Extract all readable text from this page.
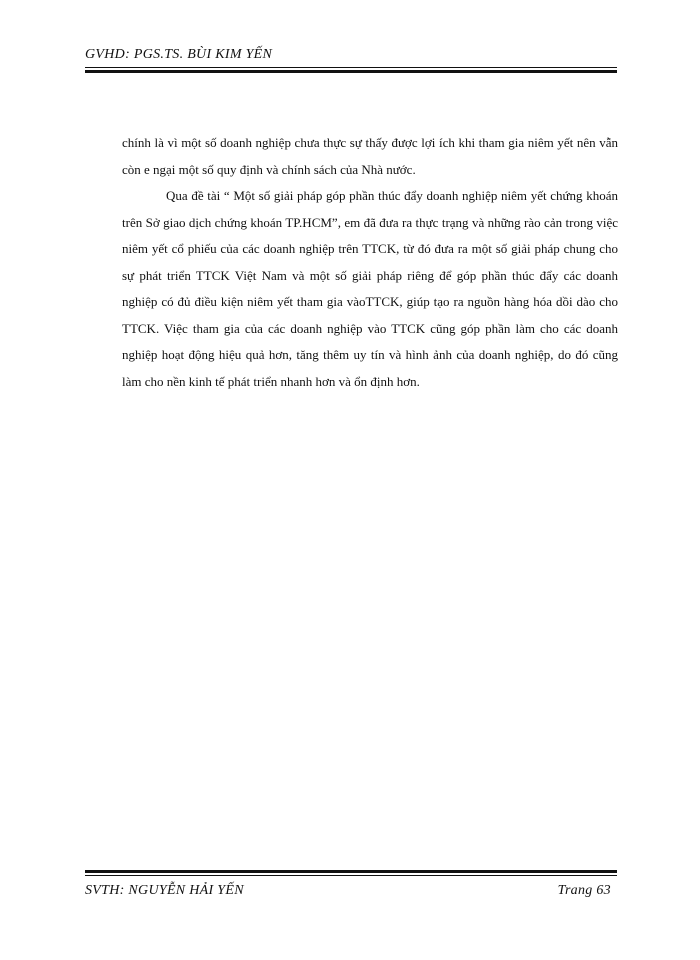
GVHD: PGS.TS. BÙI KIM YẾN

chính là vì một số doanh nghiệp chưa thực sự thấy được lợi ích khi tham gia niêm yết nên vẫn còn e ngại một số quy định và chính sách của Nhà nước.

Qua đề tài “ Một số giải pháp góp phần thúc đẩy doanh nghiệp niêm yết chứng khoán trên Sở giao dịch chứng khoán TP.HCM”, em đã đưa ra thực trạng và những rào cản trong việc niêm yết cổ phiếu của các doanh nghiệp trên TTCK, từ đó đưa ra một số giải pháp chung cho sự phát triển TTCK Việt Nam và một số giải pháp riêng để góp phần thúc đẩy các doanh nghiệp có đủ điều kiện niêm yết tham gia vàoTTCK, giúp tạo ra nguồn hàng hóa dồi dào cho TTCK. Việc tham gia của các doanh nghiệp vào TTCK cũng góp phần làm cho các doanh nghiệp hoạt động hiệu quả hơn, tăng thêm uy tín và hình ảnh của doanh nghiệp, do đó cũng làm cho nền kinh tế phát triển nhanh hơn và ổn định hơn.

SVTH: NGUYỄN HẢI YẾN	Trang 63
